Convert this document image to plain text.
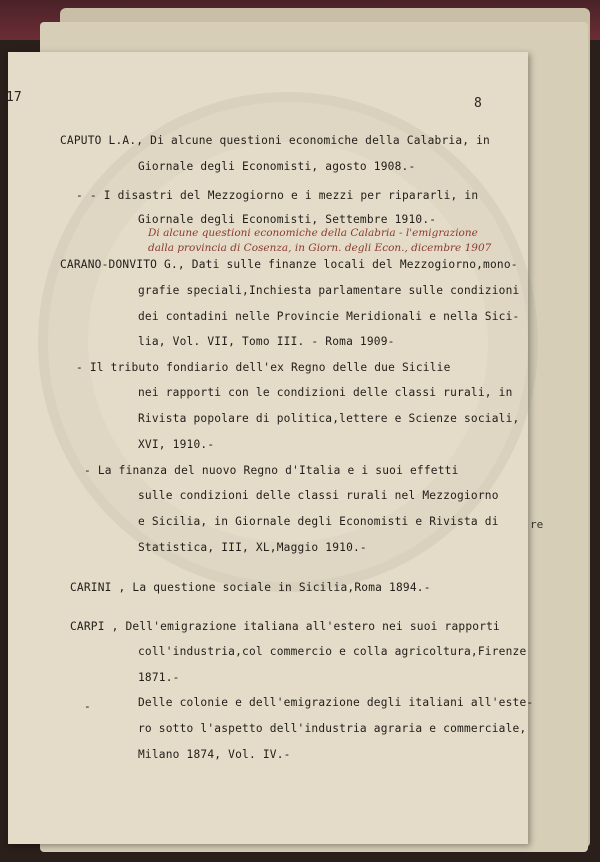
re
17	8
CAPUTO L.A., Di alcune questioni economiche della Calabria, in
Giornale degli Economisti, agosto 1908.-
- - I disastri del Mezzogiorno e i mezzi per ripararli, in
Giornale degli Economisti, Settembre 1910.-
Di alcune questioni economiche della Calabria - l'emigrazione
dalla provincia di Cosenza, in Giorn. degli Econ., dicembre 1907
CARANO-DONVITO G., Dati sulle finanze locali del Mezzogiorno,mono-
grafie speciali,Inchiesta parlamentare sulle condizioni
dei contadini nelle Provincie Meridionali e nella Sici-
lia, Vol. VII, Tomo III. - Roma 1909-
- Il tributo fondiario dell'ex Regno delle due Sicilie
nei rapporti con le condizioni delle classi rurali, in
Rivista popolare di politica,lettere e Scienze sociali,
XVI, 1910.-
- La finanza del nuovo Regno d'Italia e i suoi effetti
sulle condizioni delle classi rurali nel Mezzogiorno
e Sicilia, in Giornale degli Economisti e Rivista di
Statistica, III, XL,Maggio 1910.-
CARINI , La questione sociale in Sicilia,Roma 1894.-
CARPI , Dell'emigrazione italiana all'estero nei suoi rapporti
coll'industria,col commercio e colla agricoltura,Firenze
1871.-
Delle colonie e dell'emigrazione degli italiani all'este-
ro sotto l'aspetto dell'industria agraria e commerciale,
Milano 1874, Vol. IV.-
-
